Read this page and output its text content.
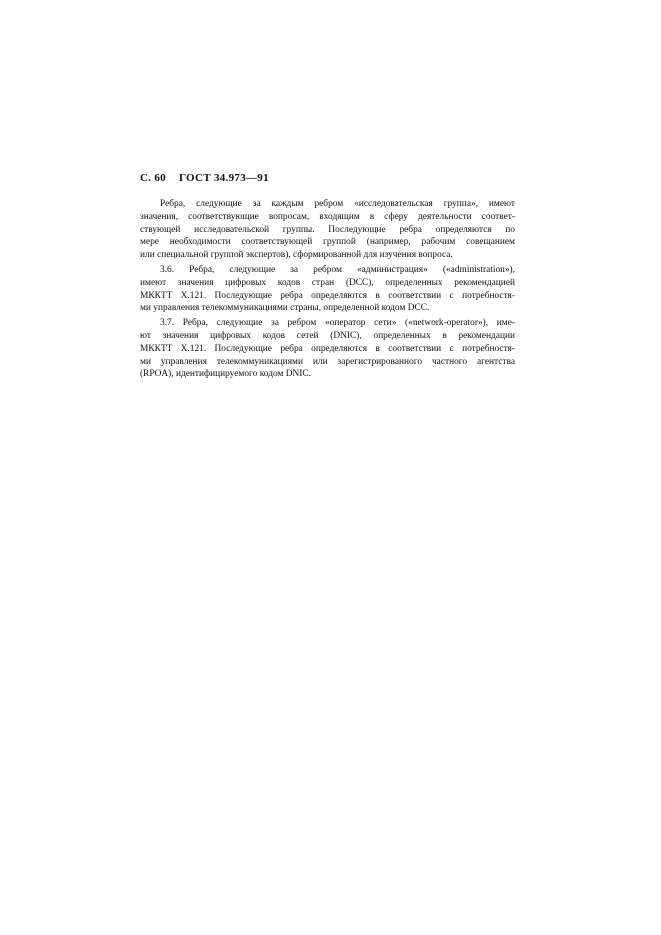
С. 60 ГОСТ 34.973—91
Ребра, следующие за каждым ребром «исследовательская группа», имеют
значения, соответствующие вопросам, входящим в сферу деятельности соответ-
ствующей исследовательской группы. Последующие ребра определяются по
мере необходимости соответствующей группой (например, рабочим совещанием
или специальной группой экспертов), сформированной для изучения вопроса.
3.6. Ребра, следующие за ребром «администрация» («administration»),
имеют значения цифровых кодов стран (DCC), определенных рекомендацией
МККТТ X.121. Последующие ребра определяются в соответствии с потребностя-
ми управления телекоммуникациями страны, определенной кодом DCC.
3.7. Ребра, следующие за ребром «оператор сети» («network-operator»), име-
ют значения цифровых кодов сетей (DNIC), определенных в рекомендации
МККТТ X.121. Последующие ребра определяются в соответствии с потребностя-
ми управления телекоммуникациями или зарегистрированного частного агентства
(RPOA), идентифицируемого кодом DNIC.
